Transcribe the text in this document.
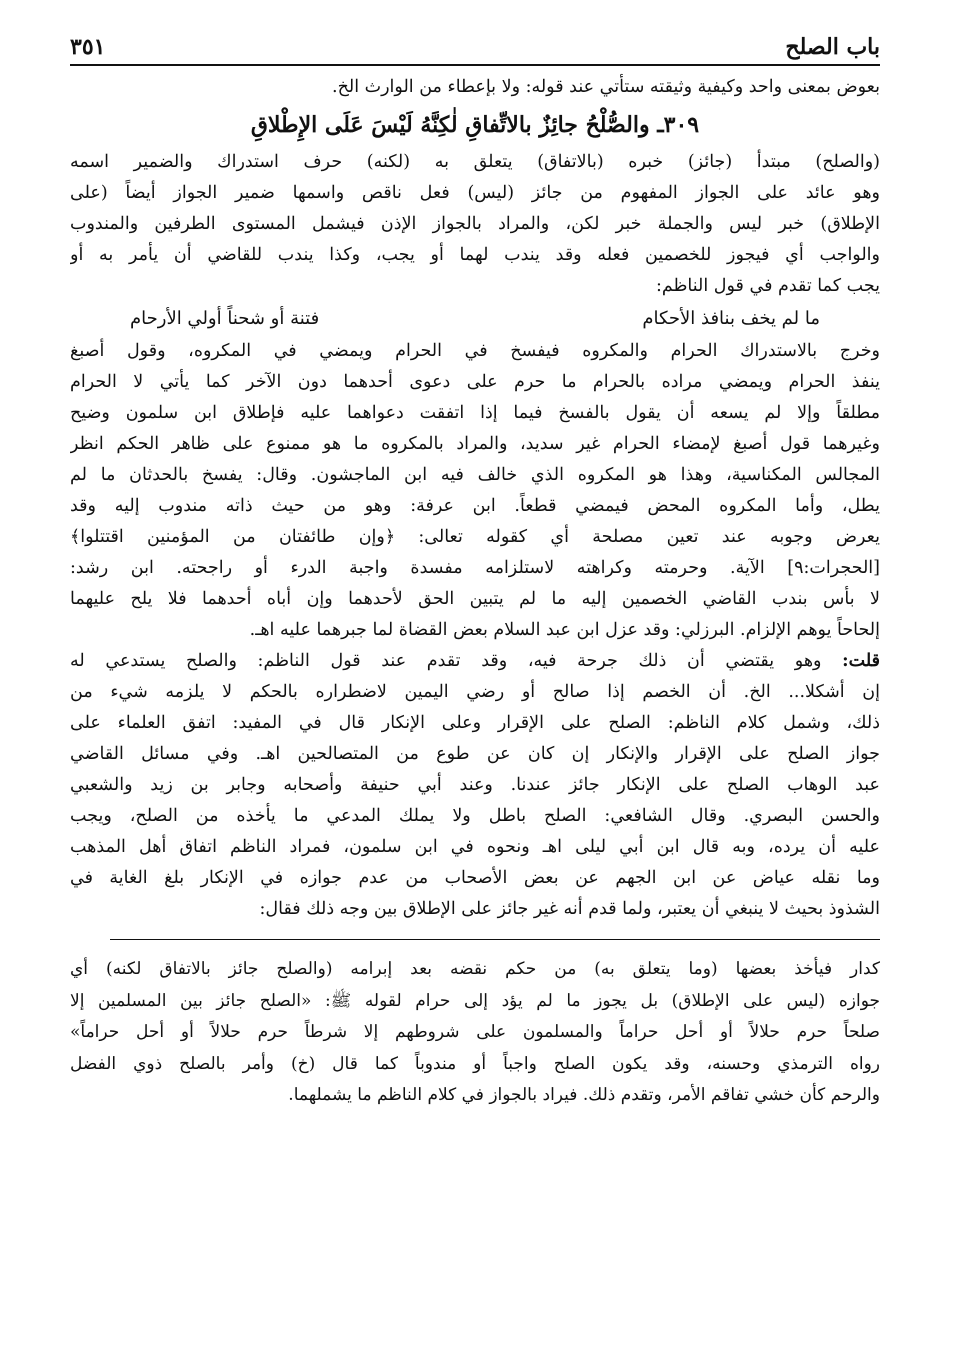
باب الصلح
٣٥١
بعوض بمعنى واحد وكيفية وثيقته ستأتي عند قوله: ولا بإعطاء من الوارث الخ.
٣٠٩ـ والصُّلْحُ جائِزٌ بالاتِّفاقِ لٰكِنَّهُ لَيْسَ عَلَى الإِطْلاقِ
(والصلح) مبتدأ (جائز) خبره (بالاتفاق) يتعلق به (لكنه) حرف استدراك والضمير اسمه
وهو عائد على الجواز المفهوم من جائز (ليس) فعل ناقص واسمها ضمير الجواز أيضاً (على
الإطلاق) خبر ليس والجملة خبر لكن، والمراد بالجواز الإذن فيشمل المستوى الطرفين والمندوب
والواجب أي فيجوز للخصمين فعله وقد يندب لهما أو يجب، وكذا يندب للقاضي أن يأمر به أو
يجب كما تقدم في قول الناظم:
ما لم يخف بنافذ الأحكام
فتنة أو شحناً أولي الأرحام
وخرج بالاستدراك الحرام والمكروه فيفسخ في الحرام ويمضي في المكروه، وقول أصبغ
ينفذ الحرام ويمضي مراده بالحرام ما حرم على دعوى أحدهما دون الآخر كما يأتي لا الحرام
مطلقاً وإلا لم يسعه أن يقول بالفسخ فيما إذا اتفقت دعواهما عليه فإطلاق ابن سلمون وضيح
وغيرهما قول أصبغ لإمضاء الحرام غير سديد، والمراد بالمكروه ما هو ممنوع على ظاهر الحكم انظر
المجالس المكناسية، وهذا هو المكروه الذي خالف فيه ابن الماجشون. وقال: يفسخ بالحدثان ما لم
يطل، وأما المكروه المحض فيمضي قطعاً. ابن عرفة: وهو من حيث ذاته مندوب إليه وقد
يعرض وجوبه عند تعين مصلحة أي كقوله تعالى: ﴿وإن طائفتان من المؤمنين اقتتلوا﴾
[الحجرات:٩] الآية. وحرمته وكراهته لاستلزامه مفسدة واجبة الدرء أو راجحته. ابن رشد:
لا بأس بندب القاضي الخصمين إليه ما لم يتبين الحق لأحدهما وإن أباه أحدهما فلا يلح عليهما
إلحاحاً يوهم الإلزام. البرزلي: وقد عزل ابن عبد السلام بعض القضاة لما جبرهما عليه اهـ.
قلت: وهو يقتضي أن ذلك جرحة فيه، وقد تقدم عند قول الناظم: والصلح يستدعي له
إن أشكلا... الخ. أن الخصم إذا صالح أو رضي اليمين لاضطراره بالحكم لا يلزمه شيء من
ذلك، وشمل كلام الناظم: الصلح على الإقرار وعلى الإنكار قال في المفيد: اتفق العلماء على
جواز الصلح على الإقرار والإنكار إن كان عن طوع من المتصالحين اهـ. وفي مسائل القاضي
عبد الوهاب الصلح على الإنكار جائز عندنا. وعند أبي حنيفة وأصحابه وجابر بن زيد والشعبي
والحسن البصري. وقال الشافعي: الصلح باطل ولا يملك المدعي ما يأخذه من الصلح، ويجب
عليه أن يرده، وبه قال ابن أبي ليلى اهـ ونحوه في ابن سلمون، فمراد الناظم اتفاق أهل المذهب
وما نقله عياض عن ابن الجهم عن بعض الأصحاب من عدم جوازه في الإنكار بلغ الغاية في
الشذوذ بحيث لا ينبغي أن يعتبر، ولما قدم أنه غير جائز على الإطلاق بين وجه ذلك فقال:
كدار فيأخذ بعضها (وما يتعلق به) من حكم نقضه بعد إبرامه (والصلح جائز بالاتفاق لكنه) أي
جوازه (ليس على الإطلاق) بل يجوز ما لم يؤد إلى حرام لقوله ﷺ: «الصلح جائز بين المسلمين إلا
صلحاً حرم حلالاً أو أحل حراماً والمسلمون على شروطهم إلا شرطاً حرم حلالاً أو أحل حراماً»
رواه الترمذي وحسنه، وقد يكون الصلح واجباً أو مندوباً كما قال (خ) وأمر بالصلح ذوي الفضل
والرحم كأن خشي تفاقم الأمر، وتقدم ذلك. فيراد بالجواز في كلام الناظم ما يشملهما.
